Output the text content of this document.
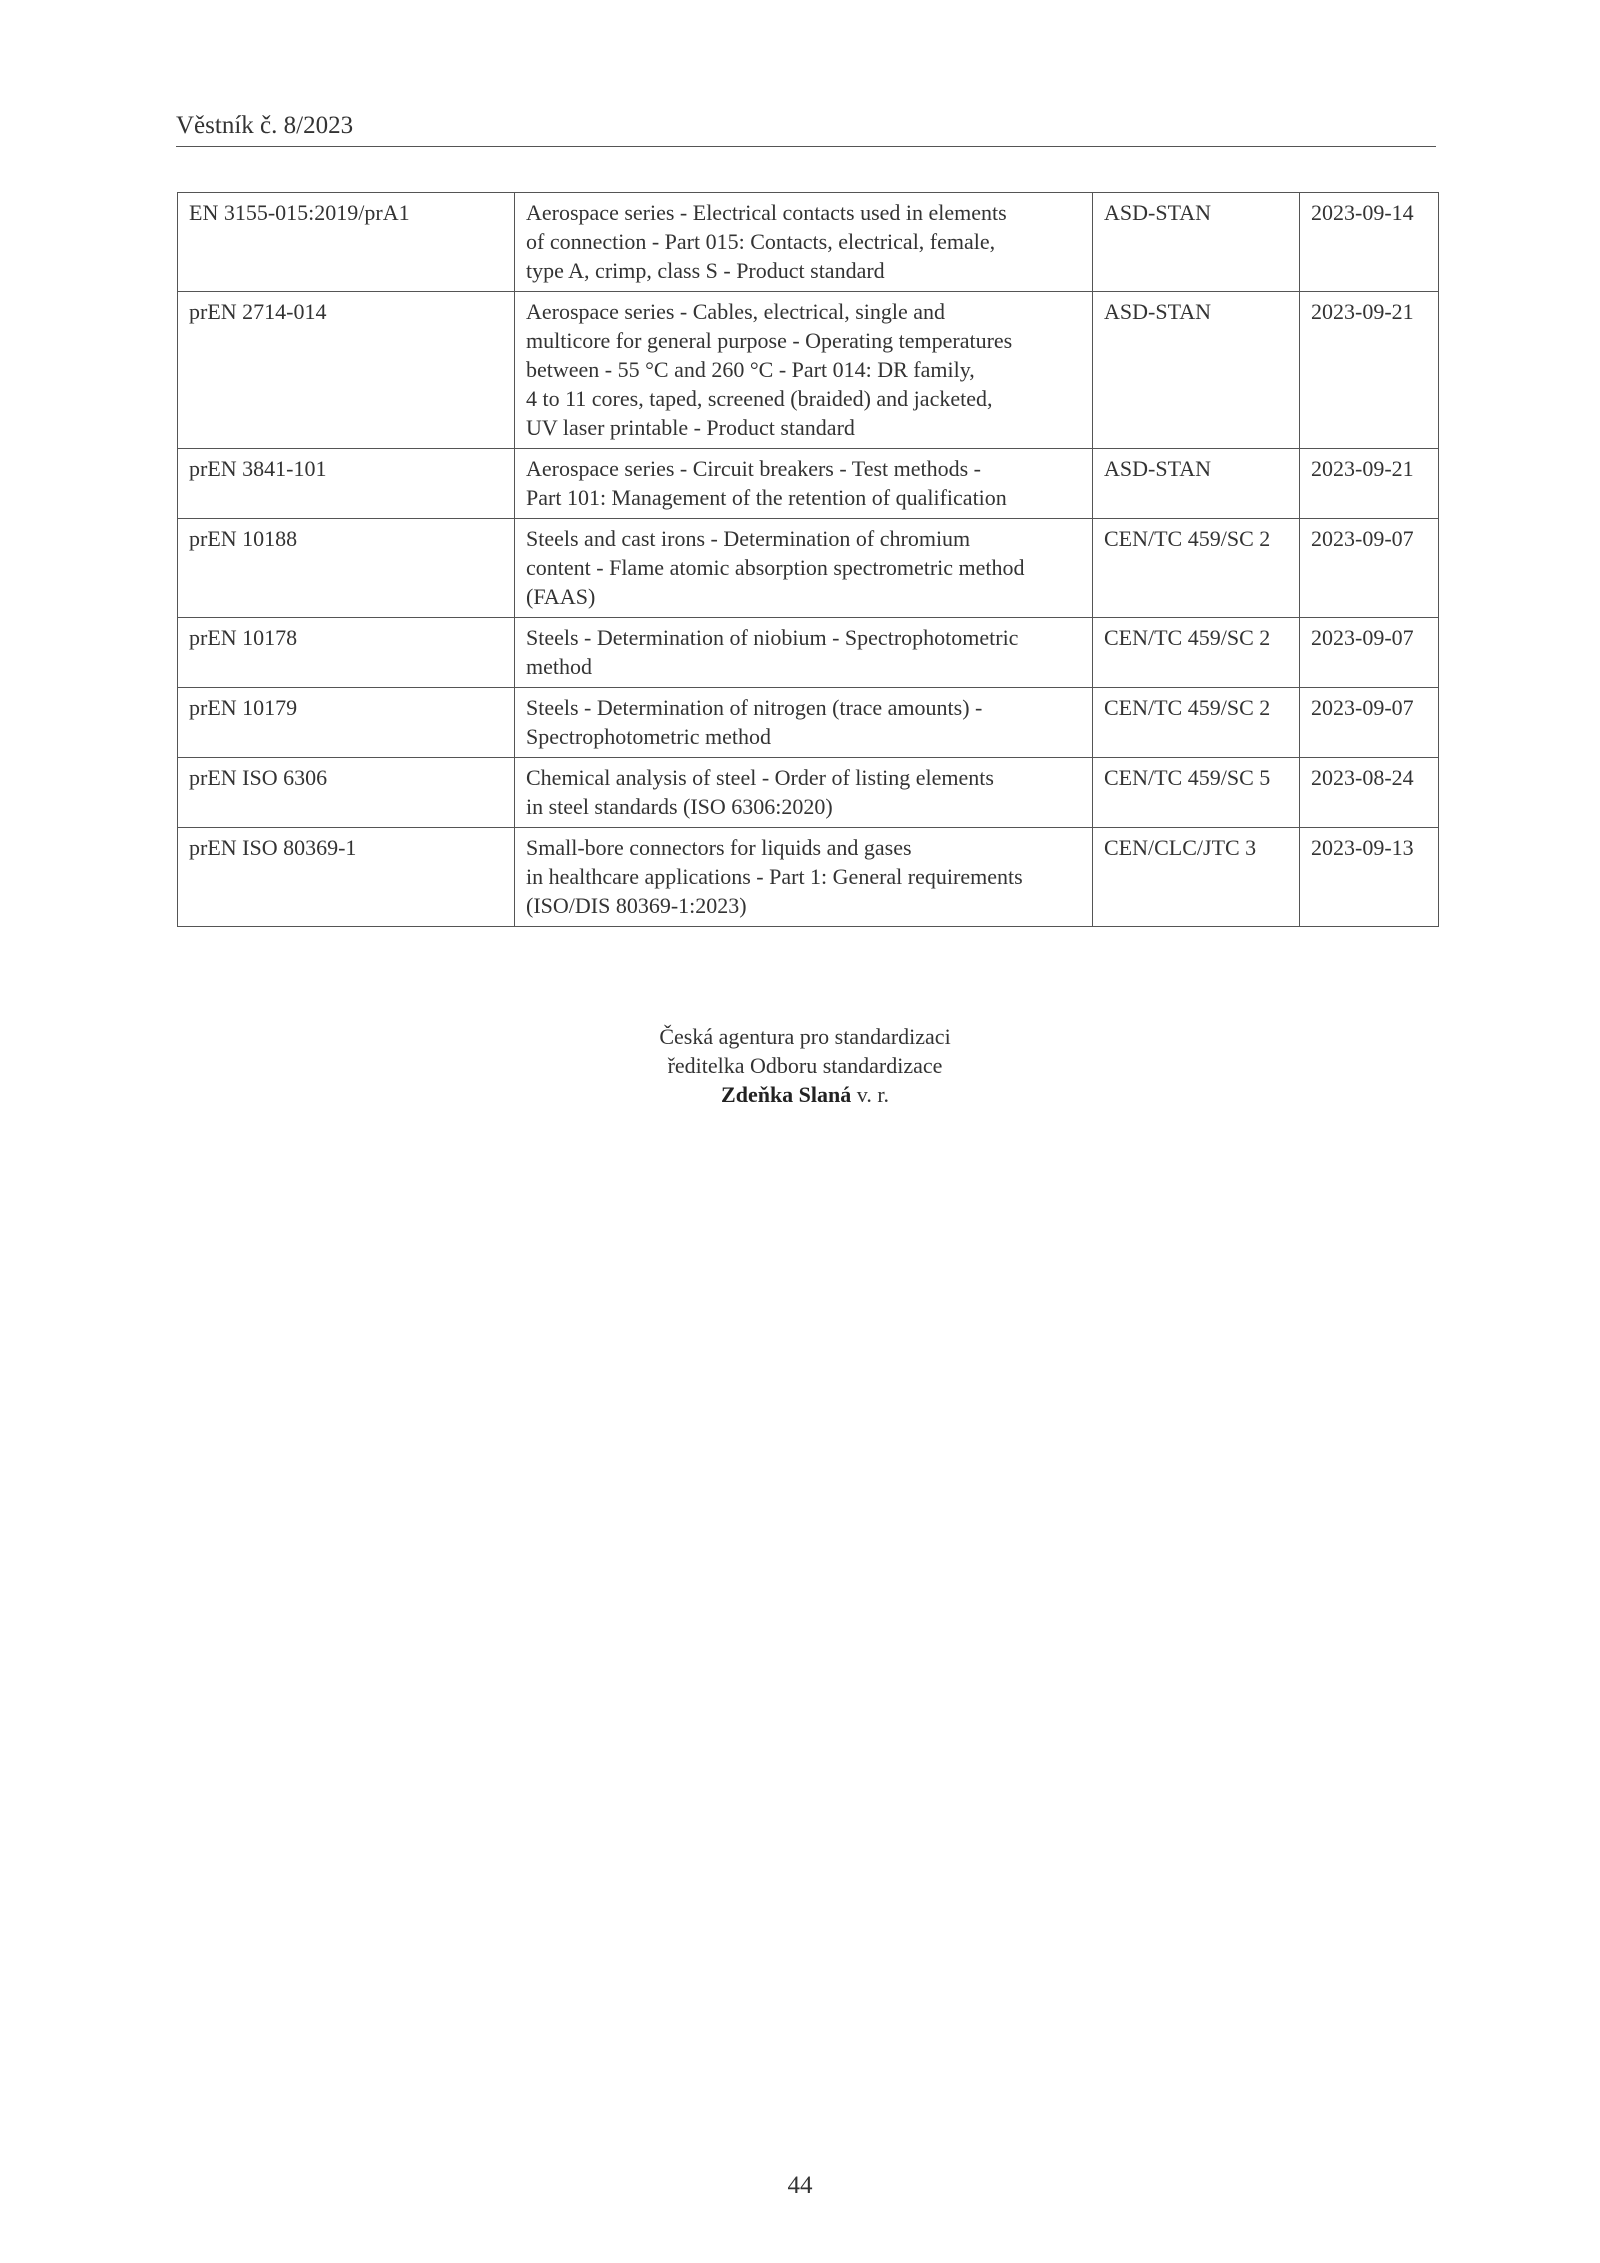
Věstník č. 8/2023
EN 3155-015:2019/prA1	Aerospace series - Electrical contacts used in elements
of connection - Part 015: Contacts, electrical, female,
type A, crimp, class S - Product standard	ASD-STAN	2023-09-14
prEN 2714-014	Aerospace series - Cables, electrical, single and
multicore for general purpose - Operating temperatures
between - 55 °C and 260 °C - Part 014: DR family,
4 to 11 cores, taped, screened (braided) and jacketed,
UV laser printable - Product standard	ASD-STAN	2023-09-21
prEN 3841-101	Aerospace series - Circuit breakers - Test methods -
Part 101: Management of the retention of qualification	ASD-STAN	2023-09-21
prEN 10188	Steels and cast irons - Determination of chromium
content - Flame atomic absorption spectrometric method
(FAAS)	CEN/TC 459/SC 2	2023-09-07
prEN 10178	Steels - Determination of niobium - Spectrophotometric
method	CEN/TC 459/SC 2	2023-09-07
prEN 10179	Steels - Determination of nitrogen (trace amounts) -
Spectrophotometric method	CEN/TC 459/SC 2	2023-09-07
prEN ISO 6306	Chemical analysis of steel - Order of listing elements
in steel standards (ISO 6306:2020)	CEN/TC 459/SC 5	2023-08-24
prEN ISO 80369-1	Small-bore connectors for liquids and gases
in healthcare applications - Part 1: General requirements
(ISO/DIS 80369-1:2023)	CEN/CLC/JTC 3	2023-09-13
Česká agentura pro standardizaci
ředitelka Odboru standardizace
Zdeňka Slaná v. r.
44
